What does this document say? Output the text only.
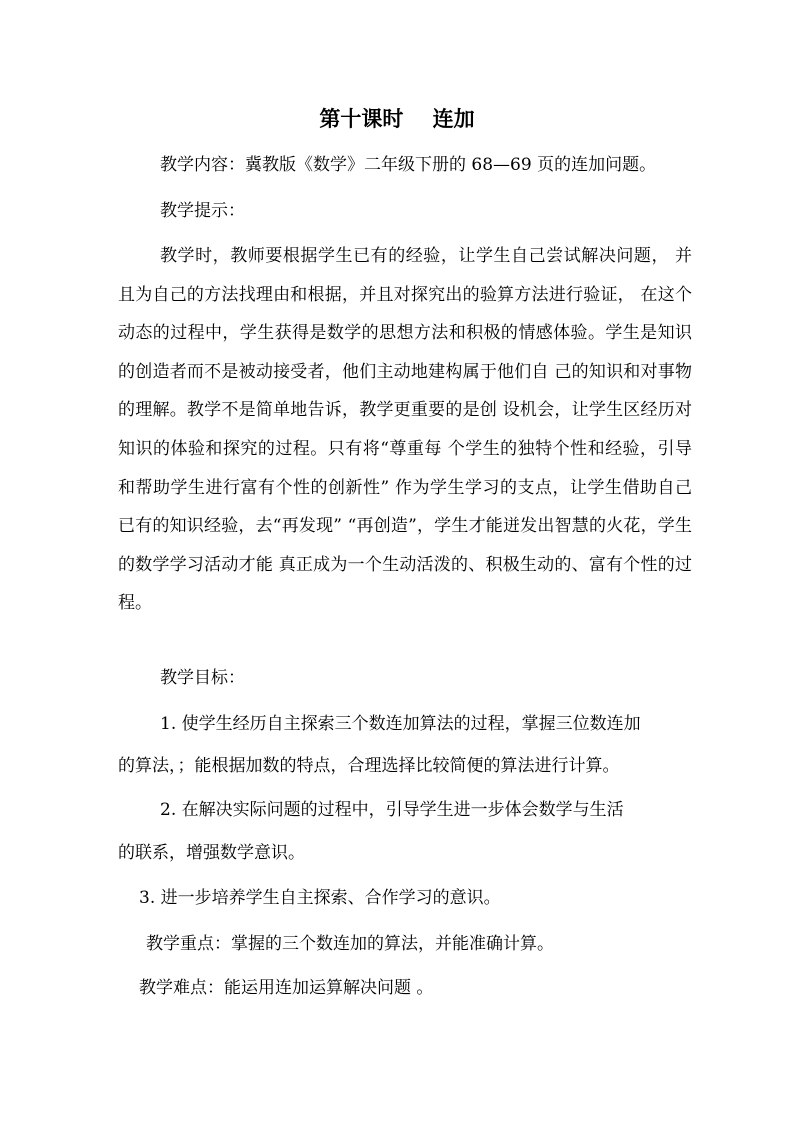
第十课时    连加
教学内容：冀教版《数学》二年级下册的 68—69 页的连加问题。
教学提示：
教学时，教师要根据学生已有的经验，让学生自己尝试解决问题， 并且为自己的方法找理由和根据，并且对探究出的验算方法进行验证， 在这个动态的过程中，学生获得是数学的思想方法和积极的情感体验。学生是知识的创造者而不是被动接受者，他们主动地建构属于他们自 己的知识和对事物的理解。教学不是简单地告诉，教学更重要的是创 设机会，让学生区经历对知识的体验和探究的过程。只有将“尊重每 个学生的独特个性和经验，引导和帮助学生进行富有个性的创新性” 作为学生学习的支点，让学生借助自己已有的知识经验，去“再发现” “再创造”，学生才能迸发出智慧的火花，学生的数学学习活动才能 真正成为一个生动活泼的、积极生动的、富有个性的过程。
教学目标：
1. 使学生经历自主探索三个数连加算法的过程，掌握三位数连加
的算法，；能根据加数的特点，合理选择比较简便的算法进行计算。
2. 在解决实际问题的过程中，引导学生进一步体会数学与生活
的联系，增强数学意识。
3. 进一步培养学生自主探索、合作学习的意识。
教学重点：掌握的三个数连加的算法，并能准确计算。
教学难点：能运用连加运算解决问题 。
